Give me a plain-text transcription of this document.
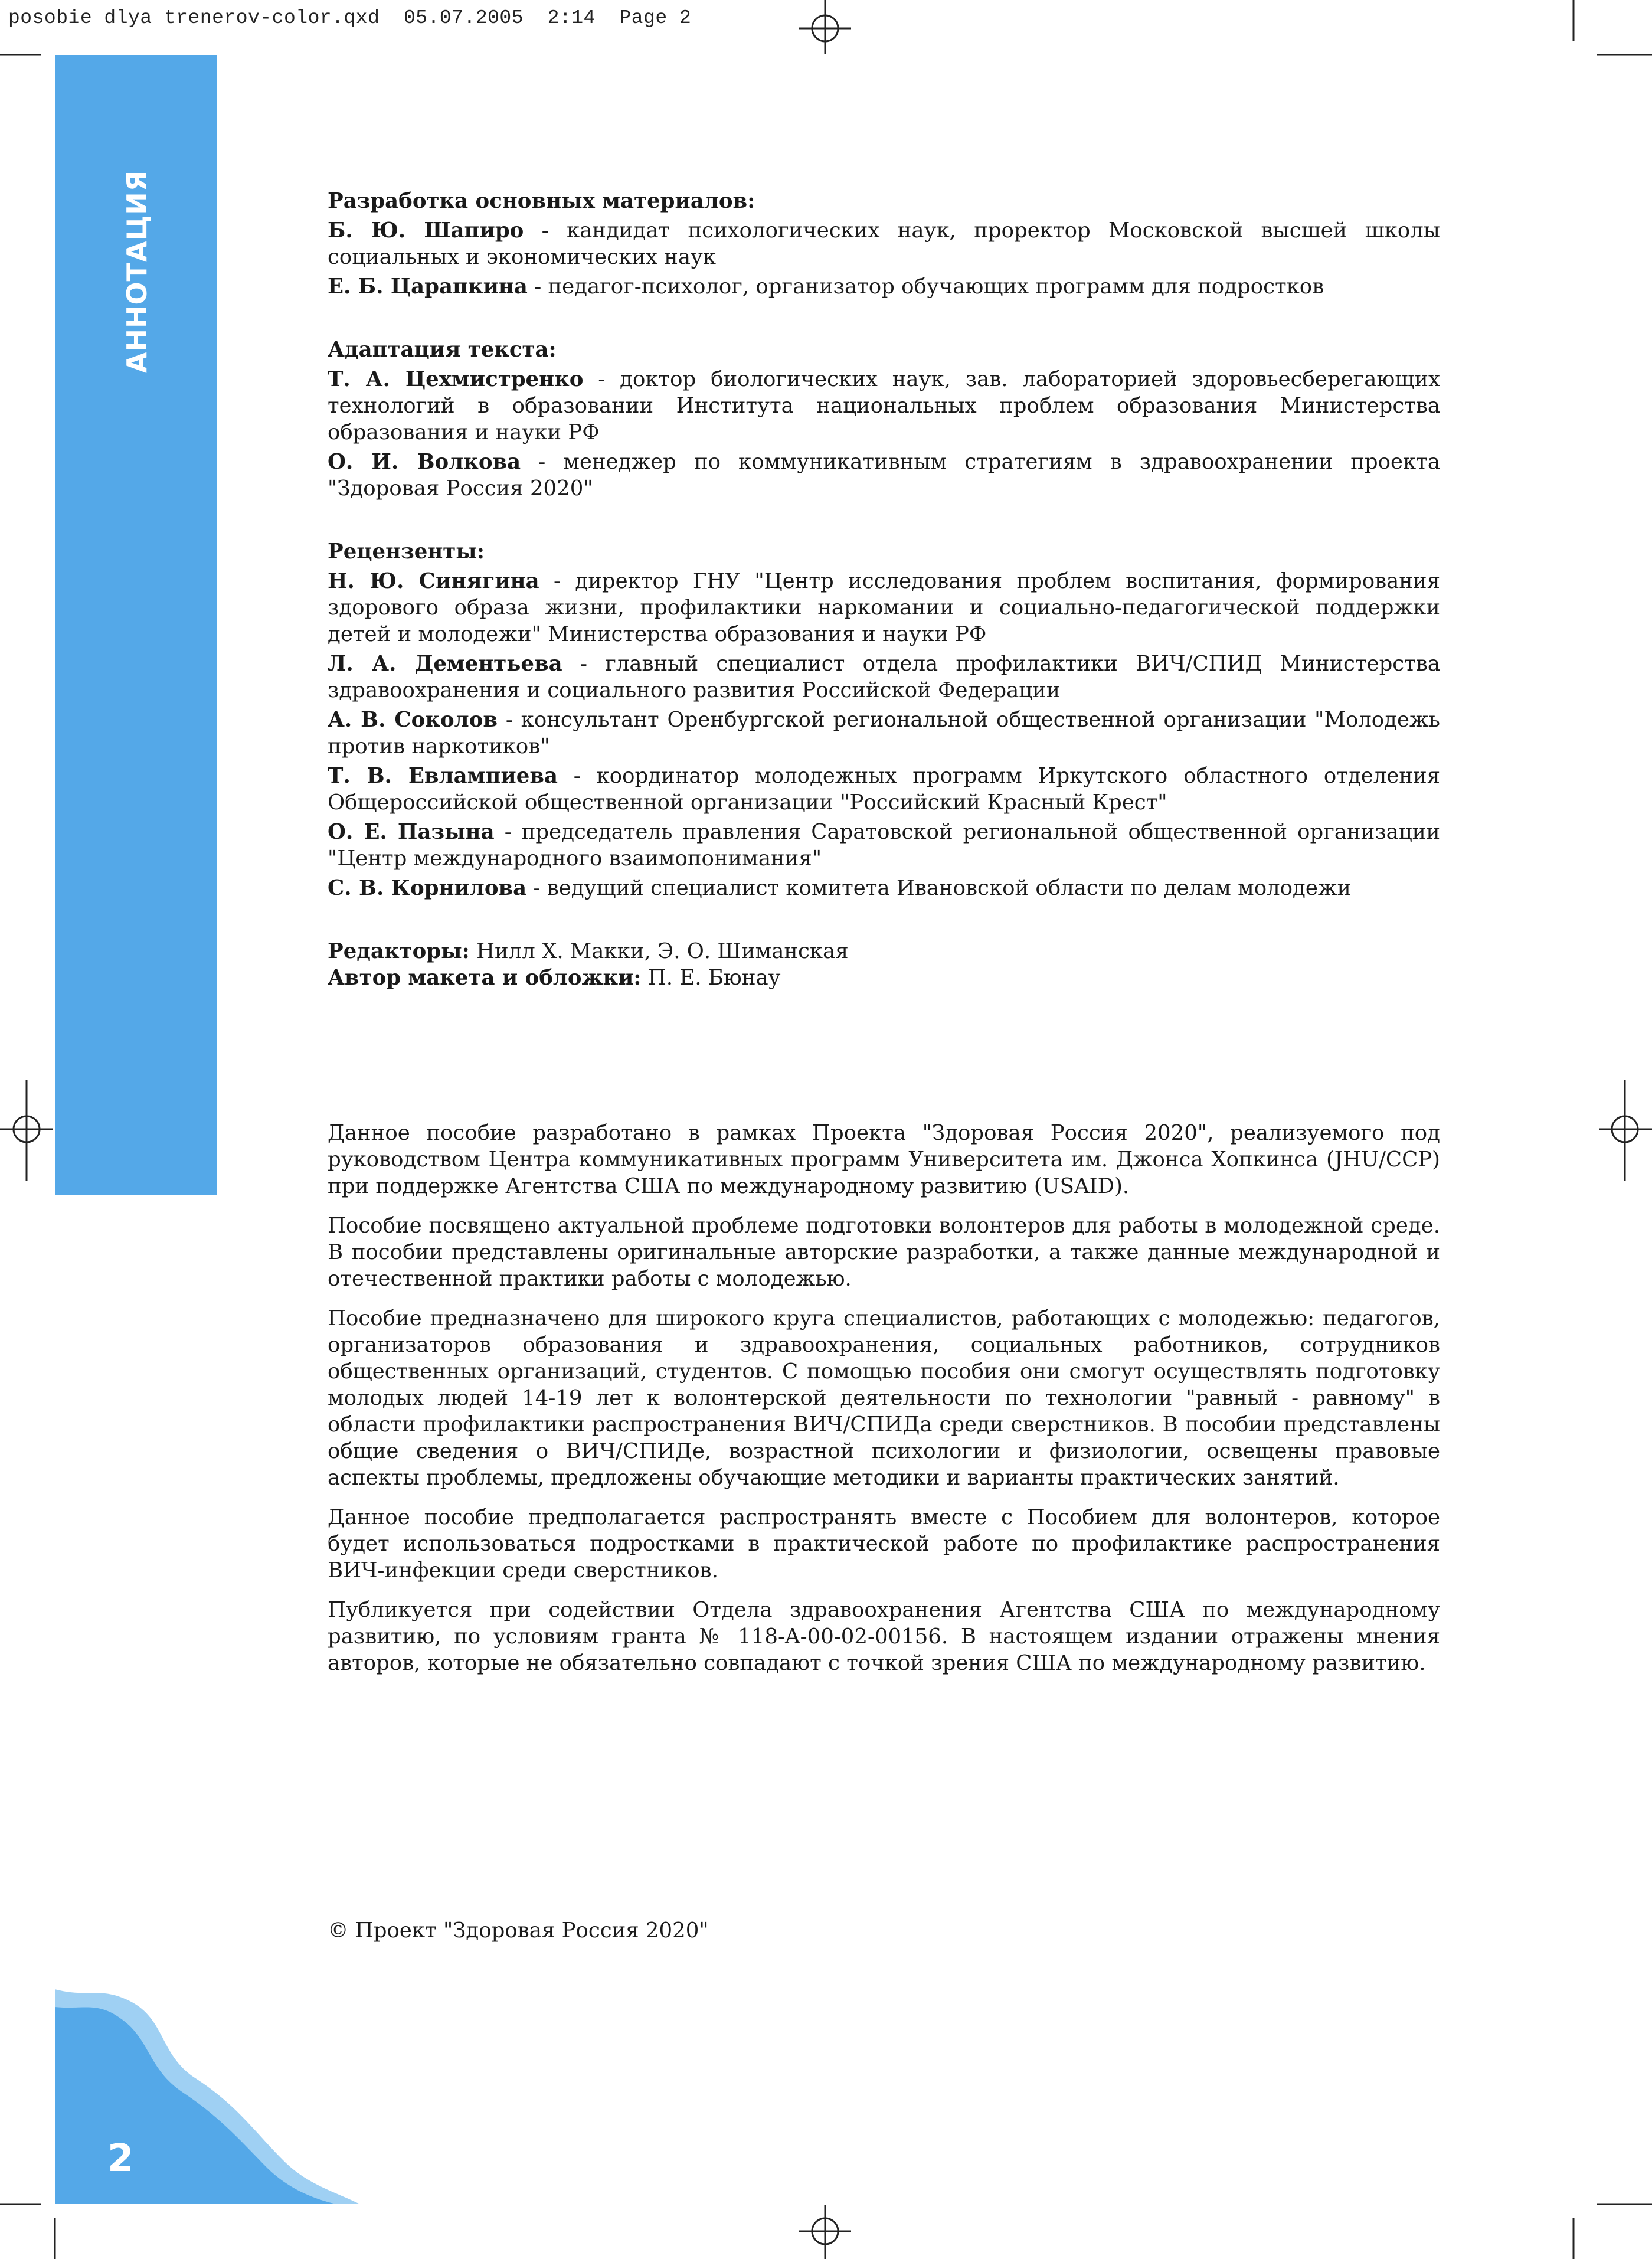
posobie dlya trenerov-color.qxd  05.07.2005  2:14  Page 2
АННОТАЦИЯ
2

Разработка основных материалов:

Б. Ю. Шапиро - кандидат психологических наук, проректор Московской высшей школы социальных и экономических наук

Е. Б. Царапкина - педагог-психолог, организатор обучающих программ для подростков

Адаптация текста:

Т. А. Цехмистренко - доктор биологических наук, зав. лабораторией здоровьесберегающих технологий в образовании Института национальных проблем образования Министерства образования и науки РФ

О. И. Волкова - менеджер по коммуникативным стратегиям в здравоохранении проекта "Здоровая Россия 2020"

Рецензенты:

Н. Ю. Синягина - директор ГНУ "Центр исследования проблем воспитания, формирования здорового образа жизни, профилактики наркомании и социально-педагогической поддержки детей и молодежи" Министерства образования и науки РФ

Л. А. Дементьева - главный специалист отдела профилактики ВИЧ/СПИД Министерства здравоохранения и социального развития Российской Федерации

А. В. Соколов - консультант Оренбургской региональной общественной организации "Молодежь против наркотиков"

Т. В. Евлампиева - координатор молодежных программ Иркутского областного отделения Общероссийской общественной организации "Российский Красный Крест"

О. Е. Пазына - председатель правления Саратовской региональной общественной организации "Центр международного взаимопонимания"

С. В. Корнилова - ведущий специалист комитета Ивановской области по делам молодежи

Редакторы: Нилл Х. Макки, Э. О. Шиманская

Автор макета и обложки: П. Е. Бюнау

Данное пособие разработано в рамках Проекта "Здоровая Россия 2020", реализуемого под руководством Центра коммуникативных программ Университета им. Джонса Хопкинса (JHU/CCP) при поддержке Агентства США по международному развитию (USAID).

Пособие посвящено актуальной проблеме подготовки волонтеров для работы в молодежной среде. В пособии представлены оригинальные авторские разработки, а также данные международной и отечественной практики работы с молодежью.

Пособие предназначено для широкого круга специалистов, работающих с молодежью: педагогов, организаторов образования и здравоохранения, социальных работников, сотрудников общественных организаций, студентов. С помощью пособия они смогут осуществлять подготовку молодых людей 14-19 лет к волонтерской деятельности по технологии "равный - равному" в области профилактики распространения ВИЧ/СПИДа среди сверстников. В пособии представлены общие сведения о ВИЧ/СПИДе, возрастной психологии и физиологии, освещены правовые аспекты проблемы, предложены обучающие методики и варианты практических занятий.

Данное пособие предполагается распространять вместе с Пособием для волонтеров, которое будет использоваться подростками в практической работе по профилактике распространения ВИЧ-инфекции среди сверстников.

Публикуется при содействии Отдела здравоохранения Агентства США по международному развитию, по условиям гранта № 118-A-00-02-00156. В настоящем издании отражены мнения авторов, которые не обязательно совпадают с точкой зрения США по международному развитию.

© Проект "Здоровая Россия 2020"
